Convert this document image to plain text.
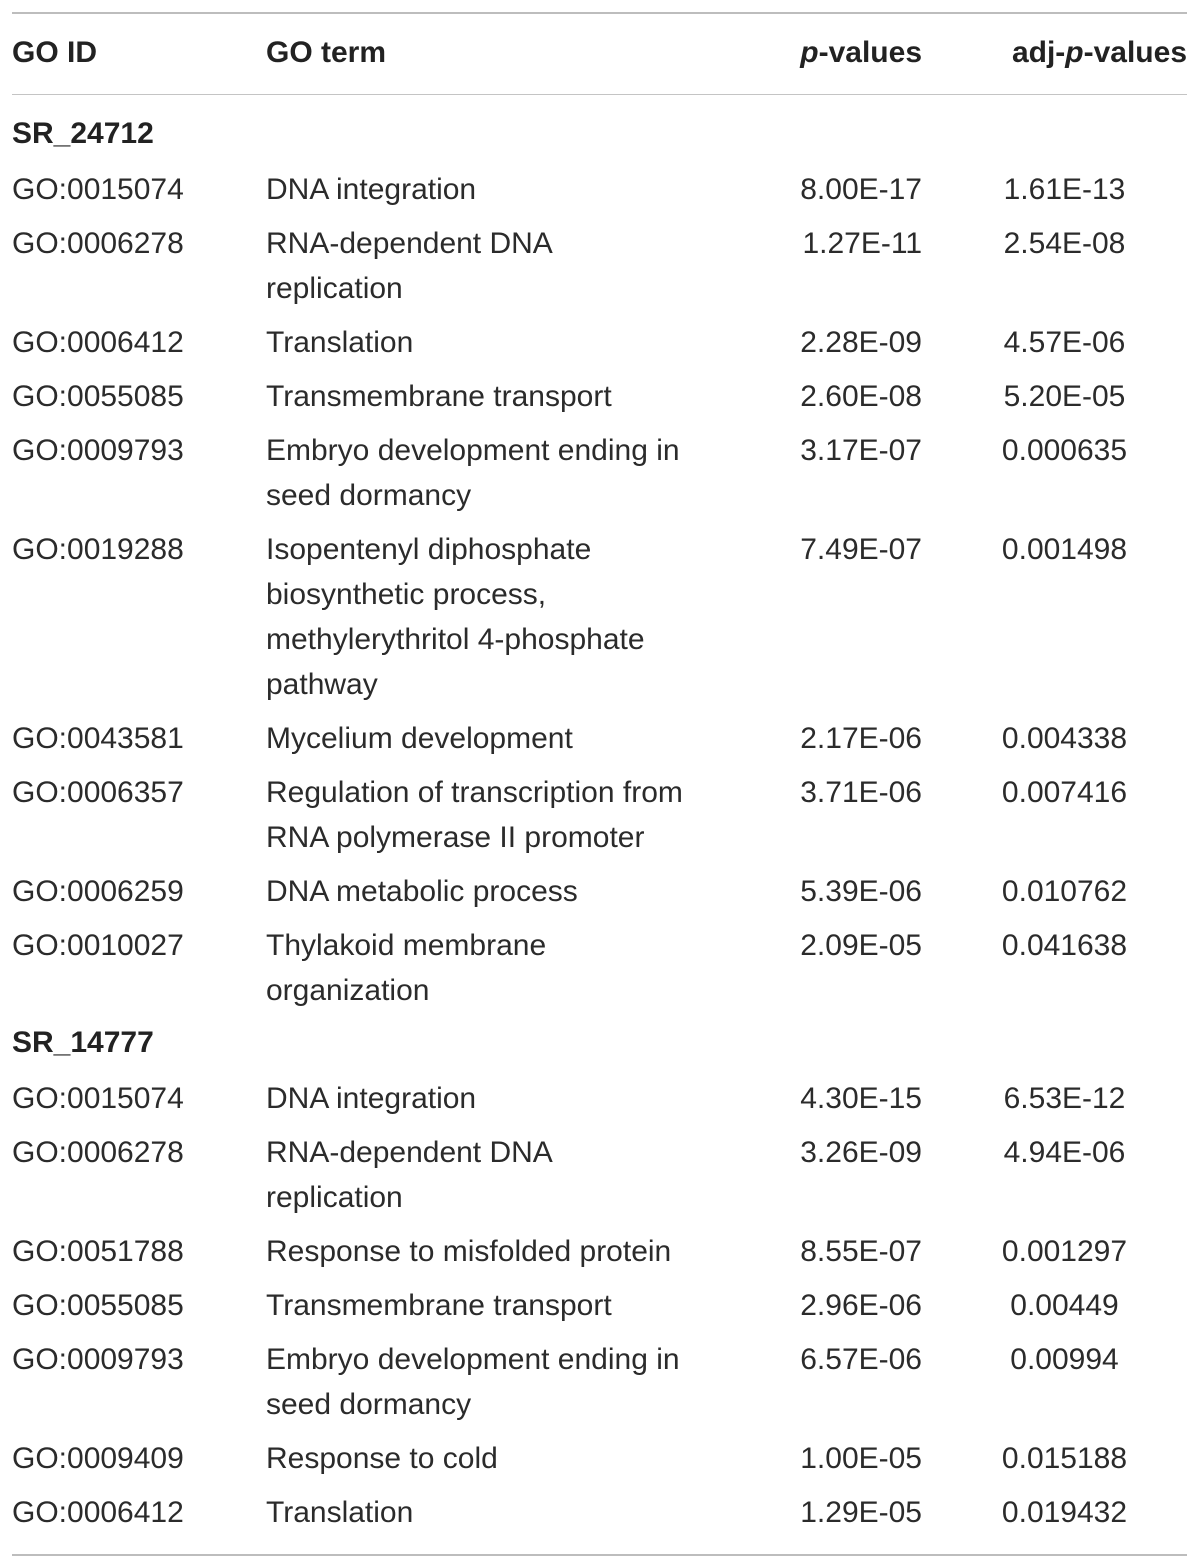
GO ID	GO term	p-values	adj-p-values
SR_24712
GO:0015074	DNA integration	8.00E-17	1.61E-13
GO:0006278	RNA-dependent DNA
replication
1.27E-11	2.54E-08
GO:0006412	Translation	2.28E-09	4.57E-06
GO:0055085	Transmembrane transport	2.60E-08	5.20E-05
GO:0009793	Embryo development ending in
seed dormancy
3.17E-07	0.000635
GO:0019288	Isopentenyl diphosphate
biosynthetic process,
methylerythritol 4-phosphate
pathway
7.49E-07	0.001498
GO:0043581	Mycelium development	2.17E-06	0.004338
GO:0006357	Regulation of transcription from
RNA polymerase II promoter
3.71E-06	0.007416
GO:0006259	DNA metabolic process	5.39E-06	0.010762
GO:0010027	Thylakoid membrane
organization
2.09E-05	0.041638
SR_14777
GO:0015074	DNA integration	4.30E-15	6.53E-12
GO:0006278	RNA-dependent DNA
replication
3.26E-09	4.94E-06
GO:0051788	Response to misfolded protein	8.55E-07	0.001297
GO:0055085	Transmembrane transport	2.96E-06	0.00449
GO:0009793	Embryo development ending in
seed dormancy
6.57E-06	0.00994
GO:0009409	Response to cold	1.00E-05	0.015188
GO:0006412	Translation	1.29E-05	0.019432
